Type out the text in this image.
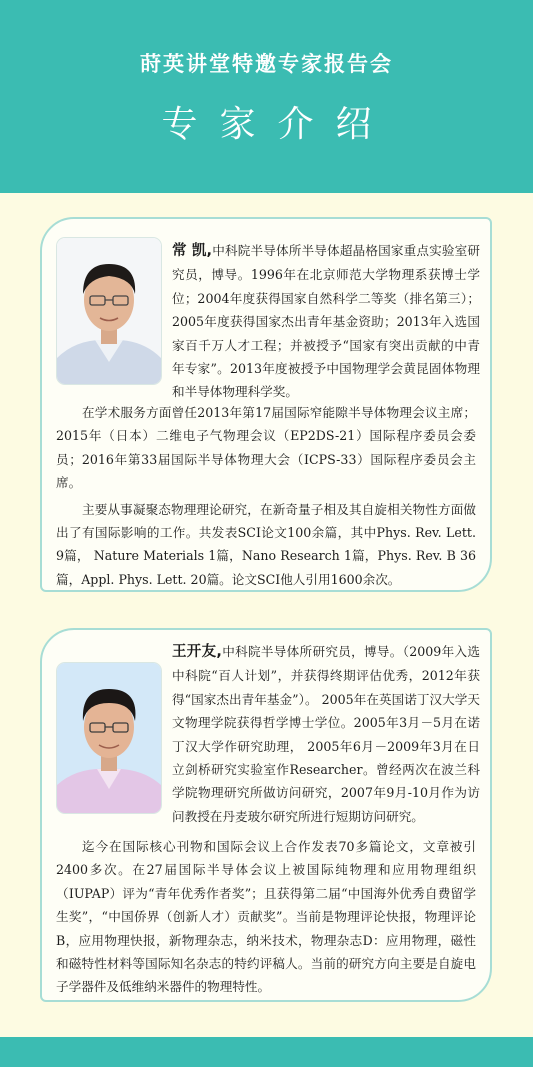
莳英讲堂特邀专家报告会
专家介绍
常 凯,中科院半导体所半导体超晶格国家重点实验室研究员，博导。1996年在北京师范大学物理系获博士学位；2004年度获得国家自然科学二等奖（排名第三）；2005年度获得国家杰出青年基金资助；2013年入选国家百千万人才工程；并被授予“国家有突出贡献的中青年专家”。2013年度被授予中国物理学会黄昆固体物理和半导体物理科学奖。

在学术服务方面曾任2013年第17届国际窄能隙半导体物理会议主席；2015年（日本）二维电子气物理会议（EP2DS-21）国际程序委员会委员；2016年第33届国际半导体物理大会（ICPS-33）国际程序委员会主席。

主要从事凝聚态物理理论研究，在新奇量子相及其自旋相关物性方面做出了有国际影响的工作。共发表SCI论文100余篇，其中Phys. Rev. Lett. 9篇， Nature Materials 1篇，Nano Research 1篇，Phys. Rev. B 36篇，Appl. Phys. Lett. 20篇。论文SCI他人引用1600余次。

王开友,中科院半导体所研究员，博导。（2009年入选中科院“百人计划”，并获得终期评估优秀，2012年获得“国家杰出青年基金”）。 2005年在英国诺丁汉大学天文物理学院获得哲学博士学位。2005年3月－5月在诺丁汉大学作研究助理， 2005年6月－2009年3月在日立剑桥研究实验室作Researcher。曾经两次在波兰科学院物理研究所做访问研究，2007年9月-10月作为访问教授在丹麦玻尔研究所进行短期访问研究。

迄今在国际核心刊物和国际会议上合作发表70多篇论文，文章被引2400多次。在27届国际半导体会议上被国际纯物理和应用物理组织（IUPAP）评为“青年优秀作者奖”；且获得第二届“中国海外优秀自费留学生奖”，“中国侨界（创新人才）贡献奖”。当前是物理评论快报，物理评论B，应用物理快报，新物理杂志，纳米技术，物理杂志D：应用物理，磁性和磁特性材料等国际知名杂志的特约评稿人。当前的研究方向主要是自旋电子学器件及低维纳米器件的物理特性。
